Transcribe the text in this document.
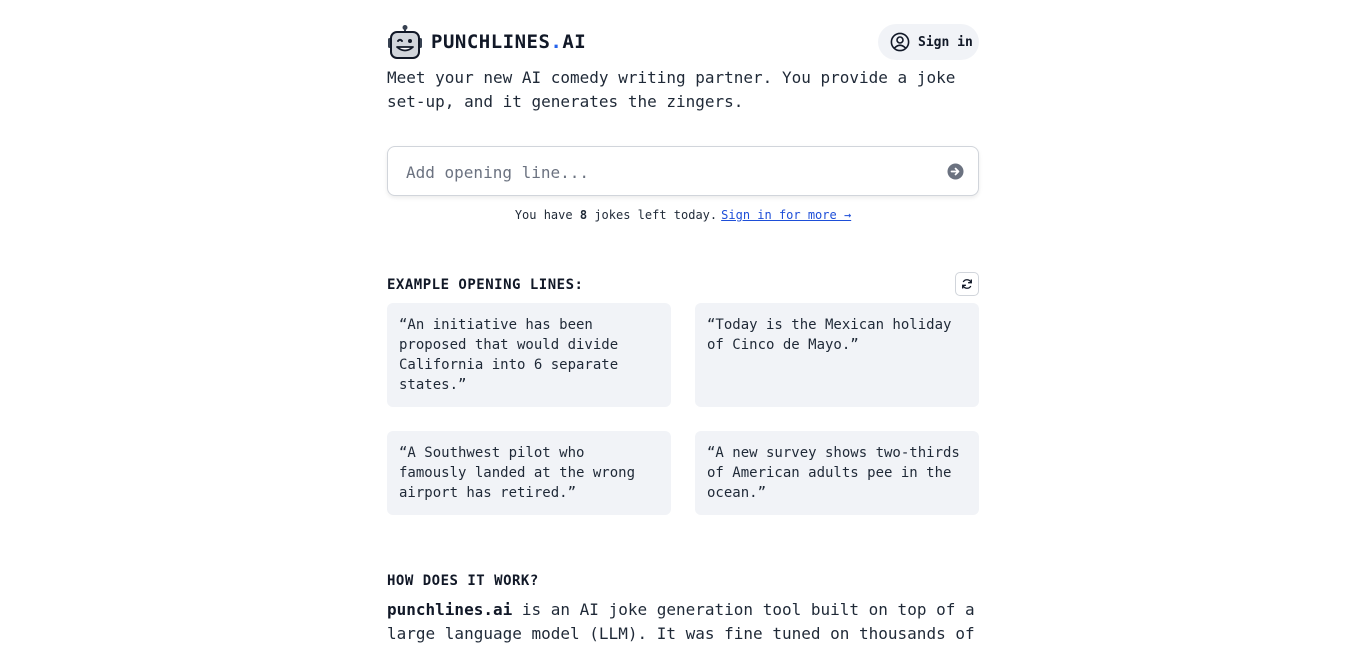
PUNCHLINES.AI	Sign in
Meet your new AI comedy writing partner. You provide a joke set-up, and it generates the zingers.
Add opening line...
You have 8 jokes left today. Sign in for more →
EXAMPLE OPENING LINES:
“An initiative has been proposed that would divide California into 6 separate states.”
“Today is the Mexican holiday of Cinco de Mayo.”
“A Southwest pilot who famously landed at the wrong airport has retired.”
“A new survey shows two-thirds of American adults pee in the ocean.”
HOW DOES IT WORK?
punchlines.ai is an AI joke generation tool built on top of a large language model (LLM). It was fine tuned on thousands of
